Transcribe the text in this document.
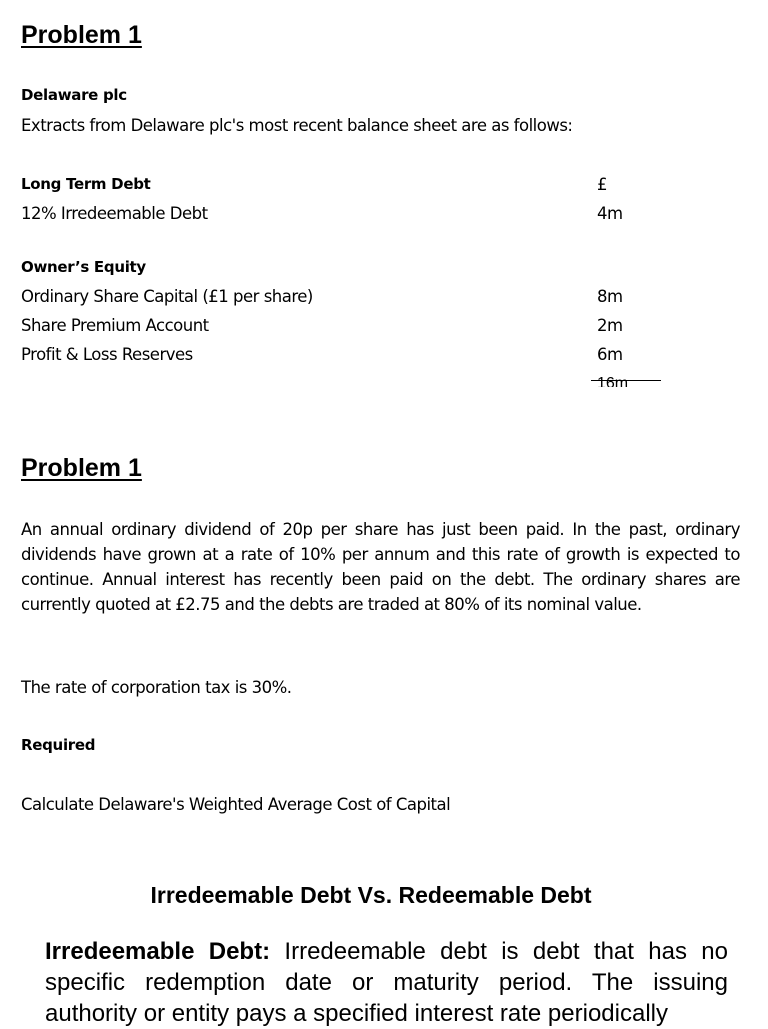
Problem 1
Delaware plc
Extracts from Delaware plc's most recent balance sheet are as follows:
Long Term Debt	£
12% Irredeemable Debt	4m
Owner’s Equity
Ordinary Share Capital (£1 per share)	8m
Share Premium Account	2m
Profit & Loss Reserves	6m
16m
Problem 1

An annual ordinary dividend of 20p per share has just been paid. In the past, ordinary dividends have grown at a rate of 10% per annum and this rate of growth is expected to continue. Annual interest has recently been paid on the debt. The ordinary shares are currently quoted at £2.75 and the debts are traded at 80% of its nominal value.

The rate of corporation tax is 30%.
Required
Calculate Delaware's Weighted Average Cost of Capital
Irredeemable Debt Vs. Redeemable Debt

Irredeemable Debt: Irredeemable debt is debt that has no specific redemption date or maturity period. The issuing authority or entity pays a specified interest rate periodically
